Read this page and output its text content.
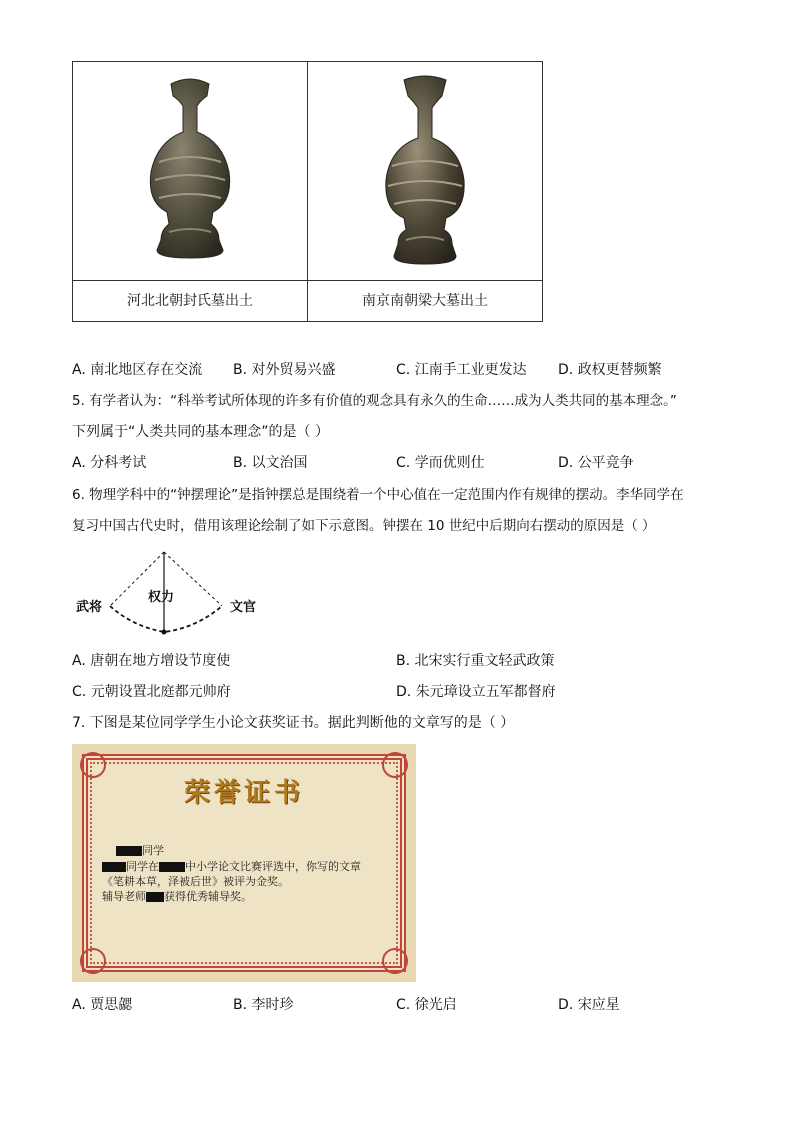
河北北朝封氏墓出土	南京南朝梁大墓出土
A. 南北地区存在交流 B. 对外贸易兴盛	C. 江南手工业更发达 D. 政权更替频繁
5. 有学者认为：“科举考试所体现的许多有价值的观念具有永久的生命……成为人类共同的基本理念。”
下列属于“人类共同的基本理念”的是（ ）
A. 分科考试	B. 以文治国	C. 学而优则仕	D. 公平竞争
6. 物理学科中的“钟摆理论”是指钟摆总是围绕着一个中心值在一定范围内作有规律的摆动。李华同学在
复习中国古代史时，借用该理论绘制了如下示意图。钟摆在 10 世纪中后期向右摆动的原因是（ ）
武将
权力
文官
A. 唐朝在地方增设节度使	B. 北宋实行重文轻武政策
C. 元朝设置北庭都元帅府	D. 朱元璋设立五军都督府
7. 下图是某位同学学生小论文获奖证书。据此判断他的文章写的是（ ）
荣誉证书
同学
同学在 中小学论文比赛评选中，你写的文章
《笔耕本草，泽被后世》被评为金奖。
辅导老师 获得优秀辅导奖。
A. 贾思勰	B. 李时珍	C. 徐光启	D. 宋应星
